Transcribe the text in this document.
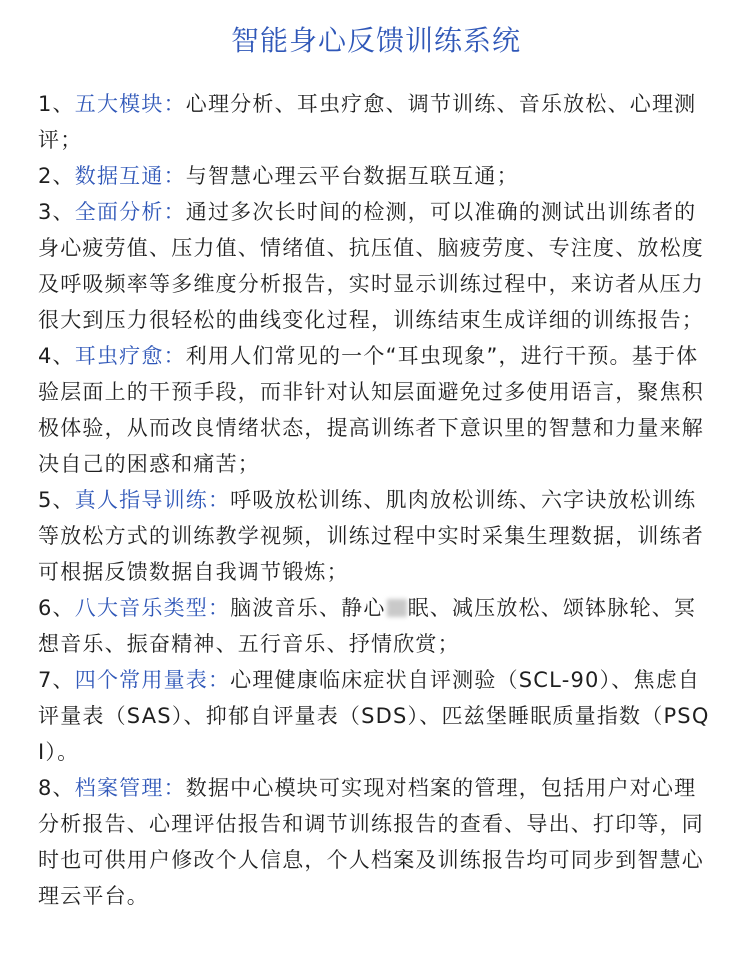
智能身心反馈训练系统

1、五大模块：心理分析、耳虫疗愈、调节训练、音乐放松、心理测评；

2、数据互通：与智慧心理云平台数据互联互通；

3、全面分析：通过多次长时间的检测，可以准确的测试出训练者的身心疲劳值、压力值、情绪值、抗压值、脑疲劳度、专注度、放松度及呼吸频率等多维度分析报告，实时显示训练过程中，来访者从压力很大到压力很轻松的曲线变化过程，训练结束生成详细的训练报告；

4、耳虫疗愈：利用人们常见的一个“耳虫现象”，进行干预。基于体验层面上的干预手段，而非针对认知层面避免过多使用语言，聚焦积极体验，从而改良情绪状态，提高训练者下意识里的智慧和力量来解决自己的困惑和痛苦；

5、真人指导训练：呼吸放松训练、肌肉放松训练、六字诀放松训练等放松方式的训练教学视频，训练过程中实时采集生理数据，训练者可根据反馈数据自我调节锻炼；

6、八大音乐类型：脑波音乐、静心 眠、减压放松、颂钵脉轮、冥想音乐、振奋精神、五行音乐、抒情欣赏；

7、四个常用量表：心理健康临床症状自评测验（SCL-90）、焦虑自评量表（SAS）、抑郁自评量表（SDS）、匹兹堡睡眠质量指数（PSQI）。

8、档案管理：数据中心模块可实现对档案的管理，包括用户对心理分析报告、心理评估报告和调节训练报告的查看、导出、打印等，同时也可供用户修改个人信息，个人档案及训练报告均可同步到智慧心理云平台。
